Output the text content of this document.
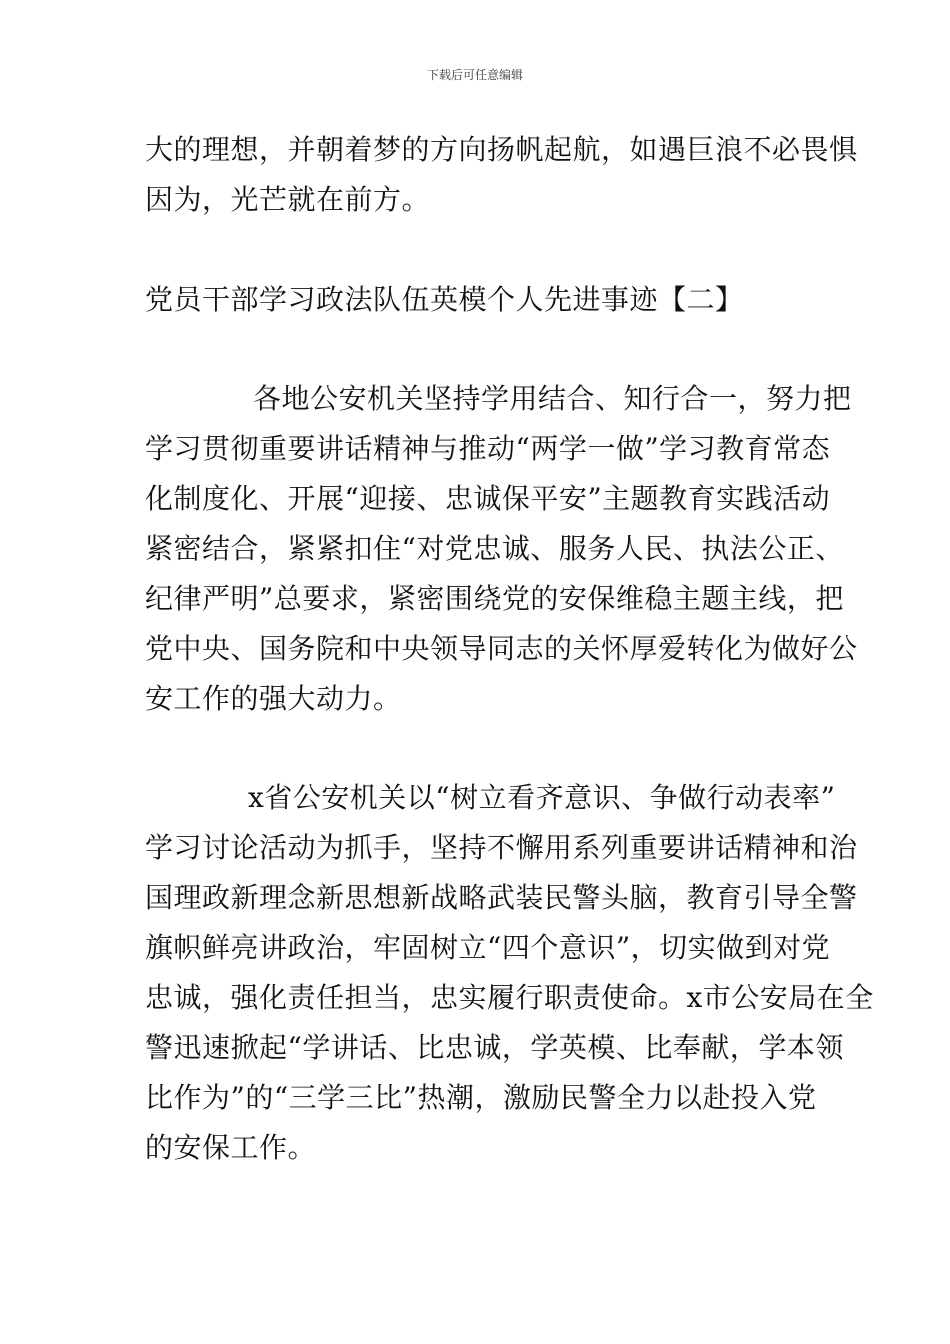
下载后可任意编辑
大的理想，并朝着梦的方向扬帆起航，如遇巨浪不必畏惧
因为，光芒就在前方。
党员干部学习政法队伍英模个人先进事迹【二】
各地公安机关坚持学用结合、知行合一，努力把
学习贯彻重要讲话精神与推动“两学一做”学习教育常态
化制度化、开展“迎接、忠诚保平安”主题教育实践活动
紧密结合，紧紧扣住“对党忠诚、服务人民、执法公正、
纪律严明”总要求，紧密围绕党的安保维稳主题主线，把
党中央、国务院和中央领导同志的关怀厚爱转化为做好公
安工作的强大动力。
x省公安机关以“树立看齐意识、争做行动表率”
学习讨论活动为抓手，坚持不懈用系列重要讲话精神和治
国理政新理念新思想新战略武装民警头脑，教育引导全警
旗帜鲜亮讲政治，牢固树立“四个意识”，切实做到对党
忠诚，强化责任担当，忠实履行职责使命。x市公安局在全
警迅速掀起“学讲话、比忠诚，学英模、比奉献，学本领
比作为”的“三学三比”热潮，激励民警全力以赴投入党
的安保工作。
